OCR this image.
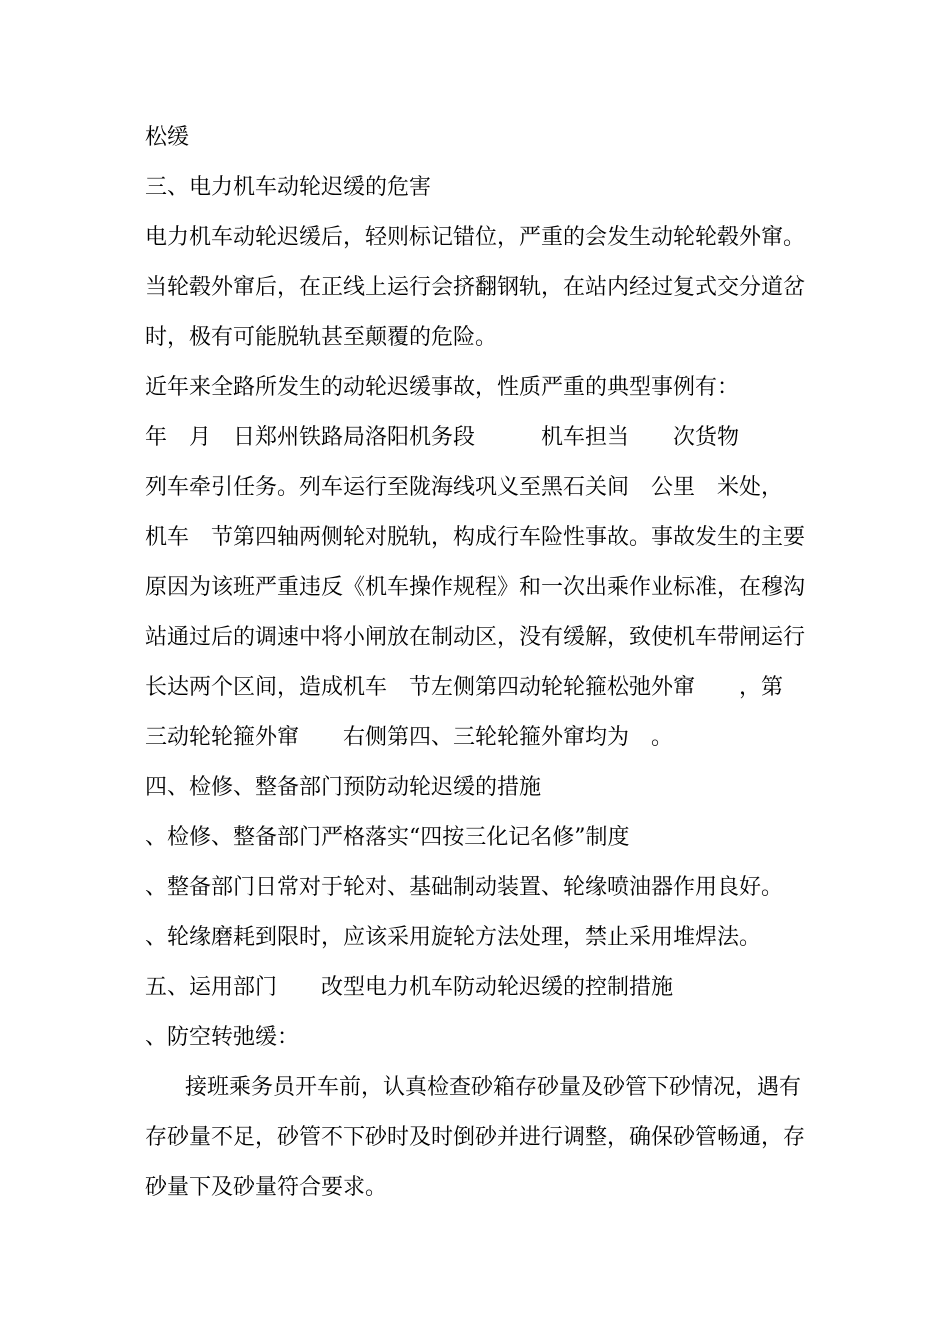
松缓
三、电力机车动轮迟缓的危害
电力机车动轮迟缓后，轻则标记错位，严重的会发生动轮轮毂外窜。
当轮毂外窜后，在正线上运行会挤翻钢轨，在站内经过复式交分道岔
时，极有可能脱轨甚至颠覆的危险。
近年来全路所发生的动轮迟缓事故，性质严重的典型事例有：
年　月　日郑州铁路局洛阳机务段　　　机车担当　　次货物
列车牵引任务。列车运行至陇海线巩义至黑石关间　公里　米处，
机车　节第四轴两侧轮对脱轨，构成行车险性事故。事故发生的主要
原因为该班严重违反《机车操作规程》和一次出乘作业标准，在穆沟
站通过后的调速中将小闸放在制动区，没有缓解，致使机车带闸运行
长达两个区间，造成机车　节左侧第四动轮轮箍松弛外窜　　，第
三动轮轮箍外窜　　右侧第四、三轮轮箍外窜均为　。
四、检修、整备部门预防动轮迟缓的措施
、检修、整备部门严格落实“四按三化记名修”制度
、整备部门日常对于轮对、基础制动装置、轮缘喷油器作用良好。
、轮缘磨耗到限时，应该采用旋轮方法处理，禁止采用堆焊法。
五、运用部门　　改型电力机车防动轮迟缓的控制措施
、防空转弛缓：
接班乘务员开车前，认真检查砂箱存砂量及砂管下砂情况，遇有
存砂量不足，砂管不下砂时及时倒砂并进行调整，确保砂管畅通，存
砂量下及砂量符合要求。
